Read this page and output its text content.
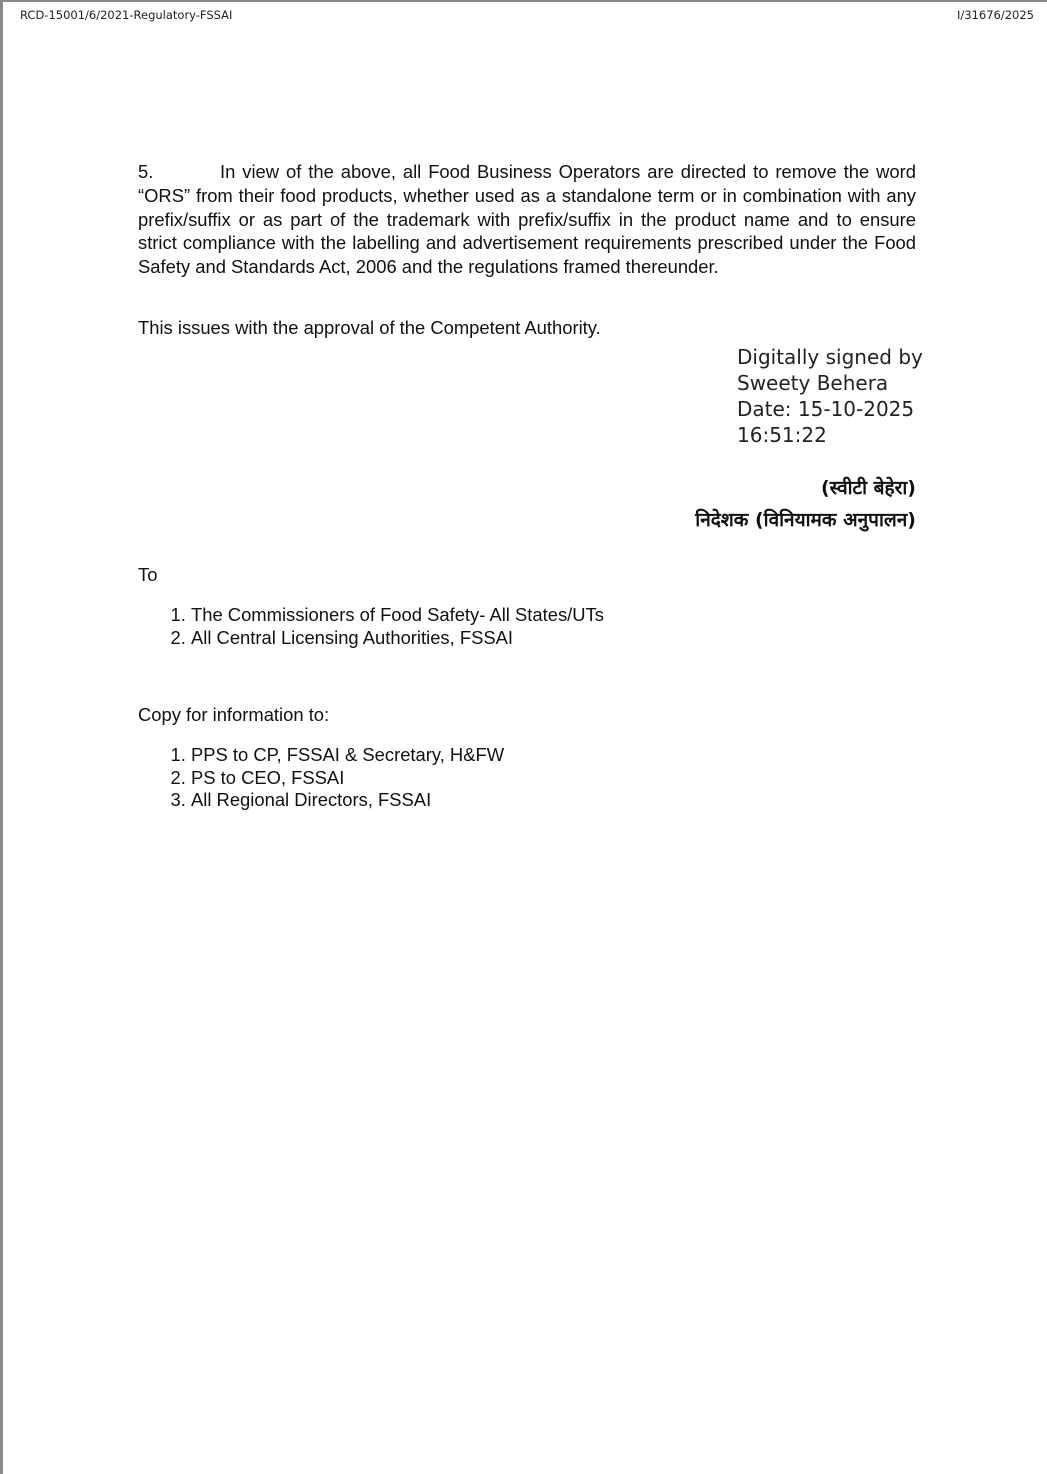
RCD-15001/6/2021-Regulatory-FSSAI	I/31676/2025
5.	In view of the above, all Food Business Operators are directed to remove the word “ORS” from their food products, whether used as a standalone term or in combination with any prefix/suffix or as part of the trademark with prefix/suffix in the product name and to ensure strict compliance with the labelling and advertisement requirements prescribed under the Food Safety and Standards Act, 2006 and the regulations framed thereunder.
This issues with the approval of the Competent Authority.
Digitally signed by
Sweety Behera
Date: 15-10-2025
16:51:22
(स्वीटी बेहेरा)
निदेशक (विनियामक अनुपालन)
To
1. The Commissioners of Food Safety- All States/UTs
2. All Central Licensing Authorities, FSSAI
Copy for information to:
1. PPS to CP, FSSAI & Secretary, H&FW
2. PS to CEO, FSSAI
3. All Regional Directors, FSSAI
